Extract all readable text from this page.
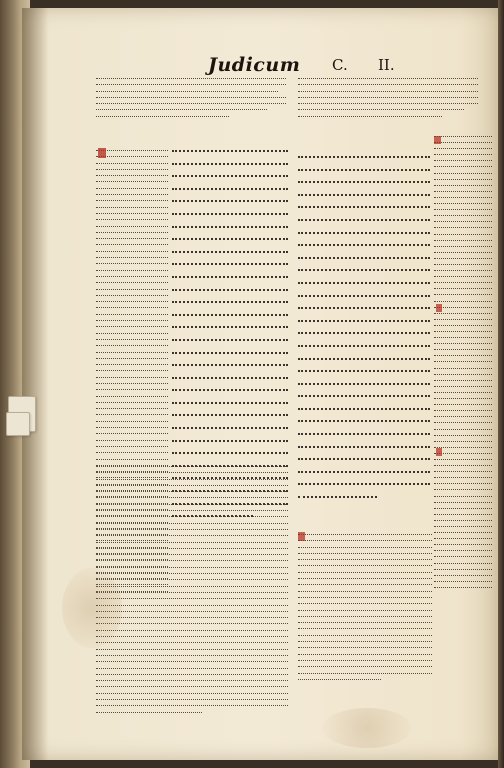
Judicum C. II.
